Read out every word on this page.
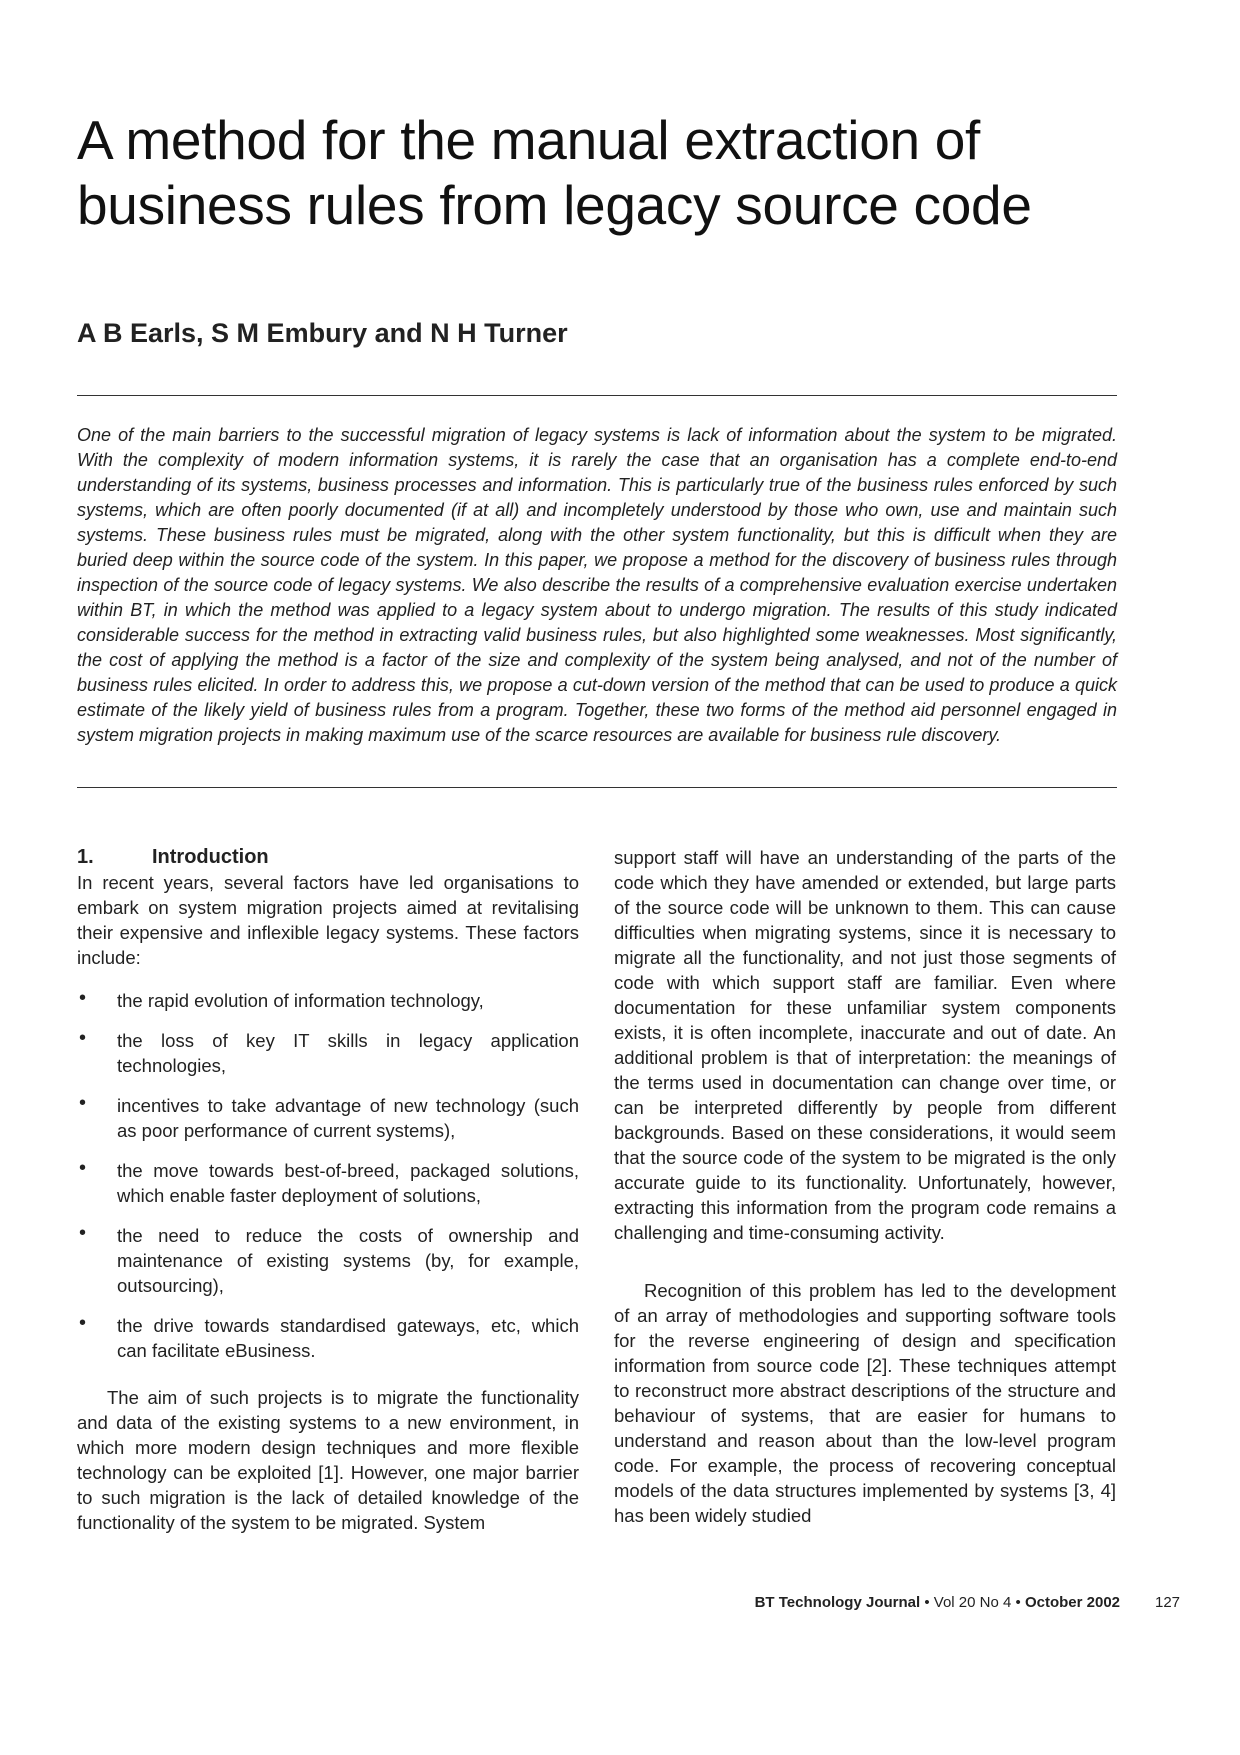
A method for the manual extraction of
business rules from legacy source code
A B Earls, S M Embury and N H Turner
One of the main barriers to the successful migration of legacy systems is lack of information about the system to be migrated.
With the complexity of modern information systems, it is rarely the case that an organisation has a complete end-to-end
understanding of its systems, business processes and information. This is particularly true of the business rules enforced by such
systems, which are often poorly documented (if at all) and incompletely understood by those who own, use and maintain such
systems. These business rules must be migrated, along with the other system functionality, but this is difficult when they are
buried deep within the source code of the system. In this paper, we propose a method for the discovery of business rules through
inspection of the source code of legacy systems. We also describe the results of a comprehensive evaluation exercise undertaken
within BT, in which the method was applied to a legacy system about to undergo migration. The results of this study indicated
considerable success for the method in extracting valid business rules, but also highlighted some weaknesses. Most significantly,
the cost of applying the method is a factor of the size and complexity of the system being analysed, and not of the number of
business rules elicited. In order to address this, we propose a cut-down version of the method that can be used to produce a quick
estimate of the likely yield of business rules from a program. Together, these two forms of the method aid personnel engaged in
system migration projects in making maximum use of the scarce resources are available for business rule discovery.
1.	Introduction

In recent years, several factors have led organisations to embark on system migration projects aimed at revitalising their expensive and inflexible legacy systems. These factors include:

• the rapid evolution of information technology,
• the loss of key IT skills in legacy application technologies,
• incentives to take advantage of new technology (such as poor performance of current systems),
• the move towards best-of-breed, packaged solutions, which enable faster deployment of solutions,
• the need to reduce the costs of ownership and maintenance of existing systems (by, for example, outsourcing),
• the drive towards standardised gateways, etc, which can facilitate eBusiness.

The aim of such projects is to migrate the functionality and data of the existing systems to a new environment, in which more modern design techniques and more flexible technology can be exploited [1]. However, one major barrier to such migration is the lack of detailed knowledge of the functionality of the system to be migrated. System

support staff will have an understanding of the parts of the code which they have amended or extended, but large parts of the source code will be unknown to them. This can cause difficulties when migrating systems, since it is necessary to migrate all the functionality, and not just those segments of code with which support staff are familiar. Even where documentation for these unfamiliar system components exists, it is often incomplete, inaccurate and out of date. An additional problem is that of interpretation: the meanings of the terms used in documentation can change over time, or can be interpreted differently by people from different backgrounds. Based on these considerations, it would seem that the source code of the system to be migrated is the only accurate guide to its functionality. Unfortunately, however, extracting this information from the program code remains a challenging and time-consuming activity.

Recognition of this problem has led to the development of an array of methodologies and supporting software tools for the reverse engineering of design and specification information from source code [2]. These techniques attempt to reconstruct more abstract descriptions of the structure and behaviour of systems, that are easier for humans to understand and reason about than the low-level program code. For example, the process of recovering conceptual models of the data structures implemented by systems [3, 4] has been widely studied

BT Technology Journal • Vol 20 No 4 • October 2002 127
